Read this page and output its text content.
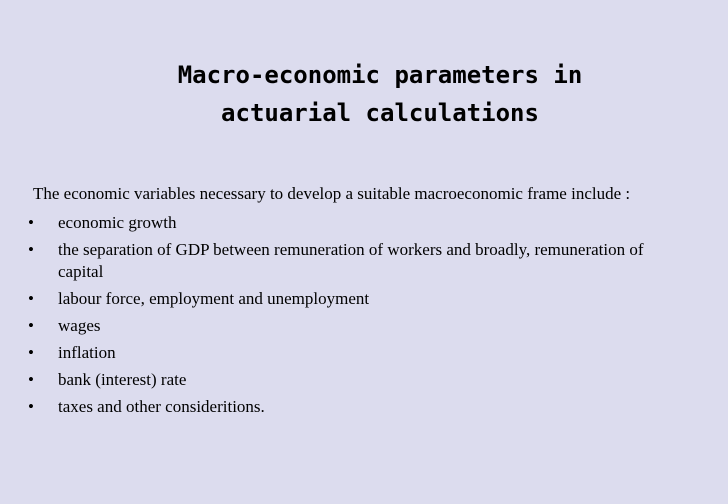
Macro-economic parameters in
actuarial calculations
The economic variables necessary to develop a suitable macroeconomic frame include :
• economic growth
• the separation of GDP between remuneration of workers and broadly, remuneration of
capital
• labour force, employment and unemployment
• wages
• inflation
• bank (interest) rate
• taxes and other consideritions.
